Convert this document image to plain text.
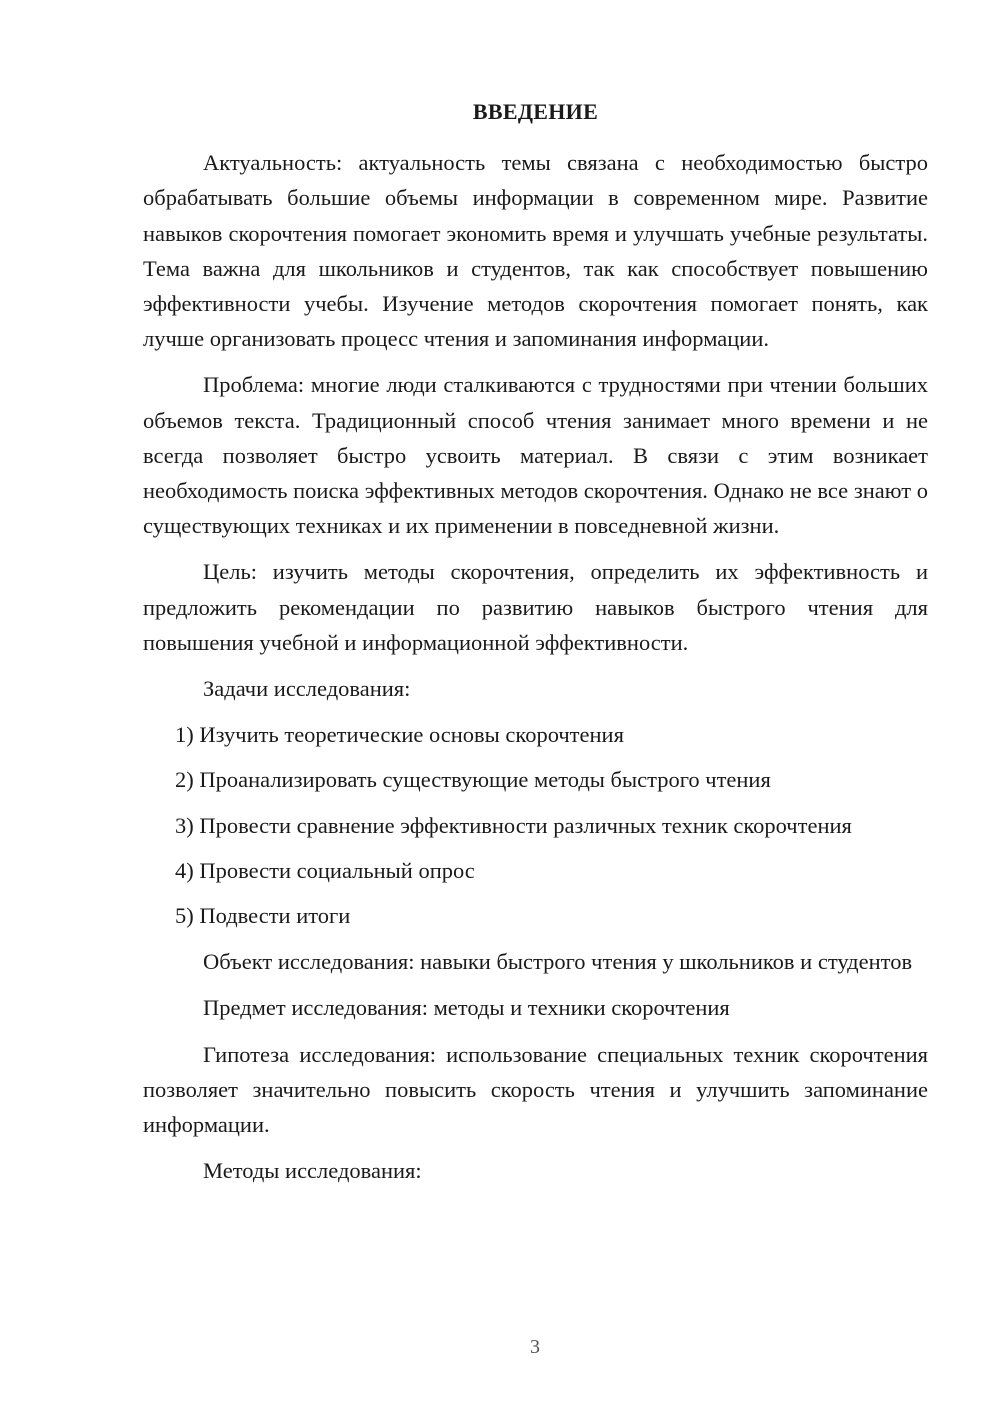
ВВЕДЕНИЕ

Актуальность: актуальность темы связана с необходимостью быстро обрабатывать большие объемы информации в современном мире. Развитие навыков скорочтения помогает экономить время и улучшать учебные результаты. Тема важна для школьников и студентов, так как способствует повышению эффективности учебы. Изучение методов скорочтения помогает понять, как лучше организовать процесс чтения и запоминания информации.

Проблема: многие люди сталкиваются с трудностями при чтении больших объемов текста. Традиционный способ чтения занимает много времени и не всегда позволяет быстро усвоить материал. В связи с этим возникает необходимость поиска эффективных методов скорочтения. Однако не все знают о существующих техниках и их применении в повседневной жизни.

Цель: изучить методы скорочтения, определить их эффективность и предложить рекомендации по развитию навыков быстрого чтения для повышения учебной и информационной эффективности.

Задачи исследования:

1) Изучить теоретические основы скорочтения
2) Проанализировать существующие методы быстрого чтения
3) Провести сравнение эффективности различных техник скорочтения
4) Провести социальный опрос
5) Подвести итоги

Объект исследования: навыки быстрого чтения у школьников и студентов

Предмет исследования: методы и техники скорочтения

Гипотеза исследования: использование специальных техник скорочтения позволяет значительно повысить скорость чтения и улучшить запоминание информации.

Методы исследования:

3
